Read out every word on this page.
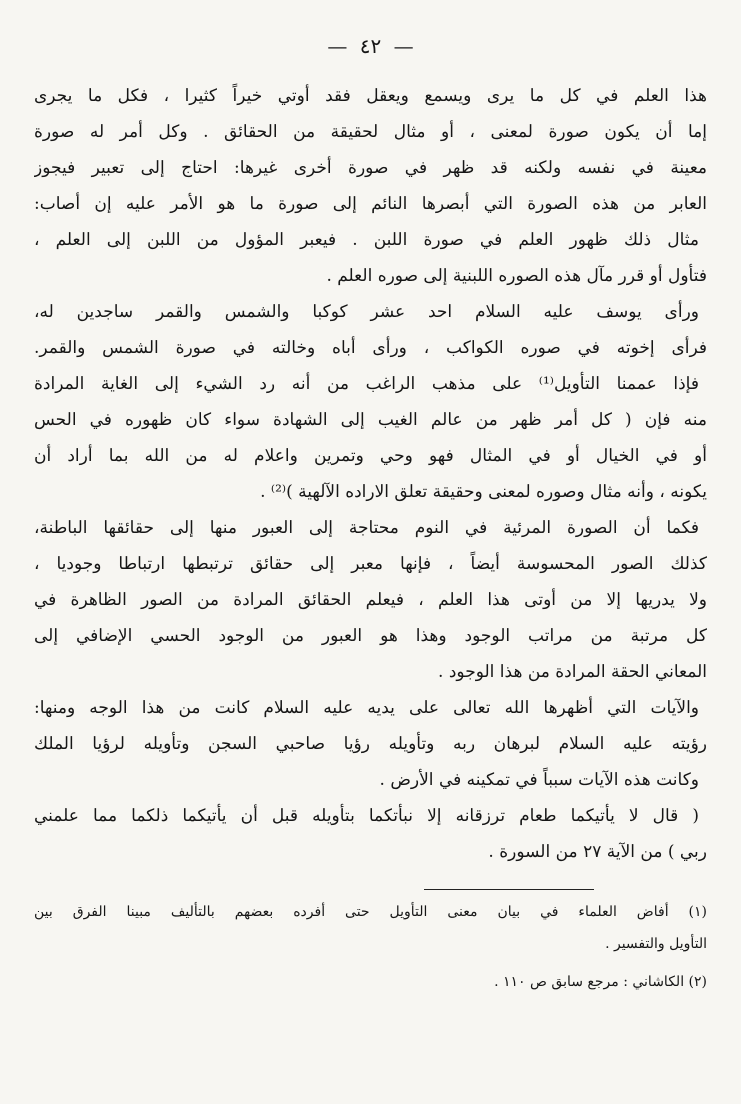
— ٤٢ —
هذا العلم في كل ما يرى ويسمع ويعقل فقد أوتي خيراً كثيرا ، فكل ما يجرى
إما أن يكون صورة لمعنى ، أو مثال لحقيقة من الحقائق . وكل أمر له صورة
معينة في نفسه ولكنه قد ظهر في صورة أخرى غيرها: احتاج إلى تعبير فيجوز
العابر من هذه الصورة التي أبصرها النائم إلى صورة ما هو الأمر عليه إن أصاب:
مثال ذلك ظهور العلم في صورة اللبن . فيعبر المؤول من اللبن إلى العلم ،
فتأول أو قرر مآل هذه الصوره اللبنية إلى صوره العلم .
ورأى يوسف عليه السلام احد عشر كوكبا والشمس والقمر ساجدين له،
فرأى إخوته في صوره الكواكب ، ورأى أباه وخالته في صورة الشمس والقمر.
فإذا عممنا التأويل⁽¹⁾ على مذهب الراغب من أنه رد الشيء إلى الغاية المرادة
منه فإن ( كل أمر ظهر من عالم الغيب إلى الشهادة سواء كان ظهوره في الحس
أو في الخيال أو في المثال فهو وحي وتمرين واعلام له من الله بما أراد أن
يكونه ، وأنه مثال وصوره لمعنى وحقيقة تعلق الاراده الآلهية )⁽²⁾ .
فكما أن الصورة المرئية في النوم محتاجة إلى العبور منها إلى حقائقها الباطنة،
كذلك الصور المحسوسة أيضاً ، فإنها معبر إلى حقائق ترتبطها ارتباطا وجوديا ،
ولا يدريها إلا من أوتى هذا العلم ، فيعلم الحقائق المرادة من الصور الظاهرة في
كل مرتبة من مراتب الوجود وهذا هو العبور من الوجود الحسي الإضافي إلى
المعاني الحقة المرادة من هذا الوجود .
والآيات التي أظهرها الله تعالى على يديه عليه السلام كانت من هذا الوجه ومنها:
رؤيته عليه السلام لبرهان ربه وتأويله رؤيا صاحبي السجن وتأويله لرؤيا الملك
وكانت هذه الآيات سبباً في تمكينه في الأرض .
( قال لا يأتيكما طعام ترزقانه إلا نبأتكما بتأويله قبل أن يأتيكما ذلكما مما علمني
ربي ) من الآية ٢٧ من السورة .
(١) أفاض العلماء في بيان معنى التأويل حتى أفرده بعضهم بالتأليف مبينا الفرق بين
التأويل والتفسير .
(٢) الكاشاني : مرجع سابق ص ١١٠ .
